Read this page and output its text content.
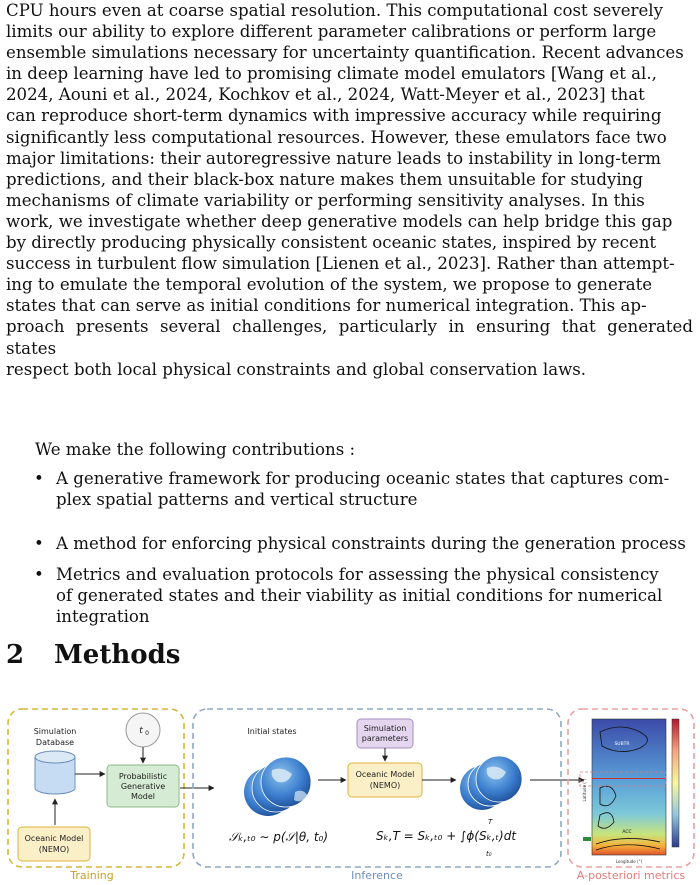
CPU hours even at coarse spatial resolution. This computational cost severely
limits our ability to explore different parameter calibrations or perform large
ensemble simulations necessary for uncertainty quantification. Recent advances
in deep learning have led to promising climate model emulators [Wang et al.,
2024, Aouni et al., 2024, Kochkov et al., 2024, Watt-Meyer et al., 2023] that
can reproduce short-term dynamics with impressive accuracy while requiring
significantly less computational resources. However, these emulators face two
major limitations: their autoregressive nature leads to instability in long-term
predictions, and their black-box nature makes them unsuitable for studying
mechanisms of climate variability or performing sensitivity analyses. In this
work, we investigate whether deep generative models can help bridge this gap
by directly producing physically consistent oceanic states, inspired by recent
success in turbulent flow simulation [Lienen et al., 2023]. Rather than attempt-
ing to emulate the temporal evolution of the system, we propose to generate
states that can serve as initial conditions for numerical integration. This ap-
proach presents several challenges, particularly in ensuring that generated states
respect both local physical constraints and global conservation laws.

We make the following contributions :

• A generative framework for producing oceanic states that captures com-
plex spatial patterns and vertical structure
• A method for enforcing physical constraints during the generation process
• Metrics and evaluation protocols for assessing the physical consistency
of generated states and their viability as initial conditions for numerical
integration
2 Methods
Training
Simulation
Database
Oceanic Model
(NEMO)
t 0
Probabilistic
Generative
Model
Inference
Initial states	Simulation
parameters
Oceanic Model
(NEMO)
𝒮ₖ,ₜ₀ ∼ p(𝒮|θ, t₀)	Sₖ,T = Sₖ,ₜ₀ + ∫ϕ(Sₖ,ₜ)dt
T
t₀
A-posteriori metrics
SUBTR
ACC
Longitude (°)
Latitude (°)
